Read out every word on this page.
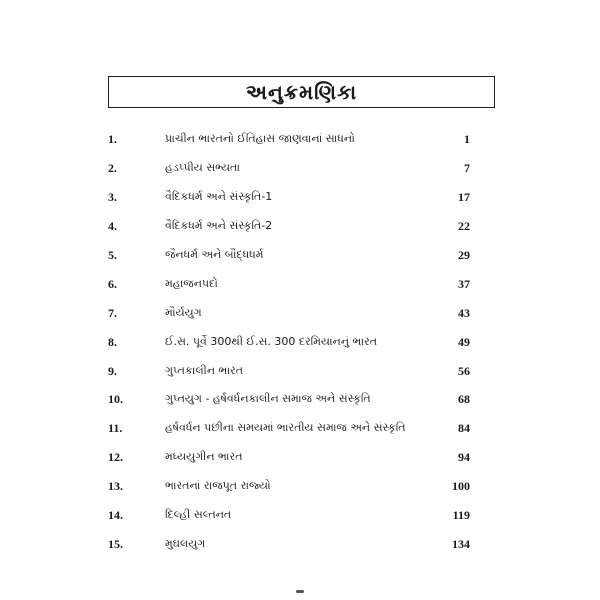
અનુક્રમણિકા
1.	પ્રાચીન ભારતનો ઈતિહાસ જાણવાનાં સાધનો	1
2.	હડપ્પીય સભ્યતા	7
3.	વૈદિકધર્મ અને સંસ્કૃતિ-1	17
4.	વૈદિકધર્મ અને સંસ્કૃતિ-2	22
5.	જૈનધર્મ અને બૌદ્ધધર્મ	29
6.	મહાજનપદો	37
7.	મૌર્યયુગ	43
8.	ઈ.સ. પૂર્વે 300થી ઈ.સ. 300 દરમિયાનનું ભારત	49
9.	ગુપ્તકાલીન ભારત	56
10.	ગુપ્તયુગ - હર્ષવર્ધનકાલીન સમાજ અને સંસ્કૃતિ	68
11.	હર્ષવર્ધન પછીના સમયમાં ભારતીય સમાજ અને સંસ્કૃતિ	84
12.	મધ્યયુગીન ભારત	94
13.	ભારતનાં રાજપૂત રાજ્યો	100
14.	દિલ્હી સલ્તનત	119
15.	મુઘલયુગ	134
